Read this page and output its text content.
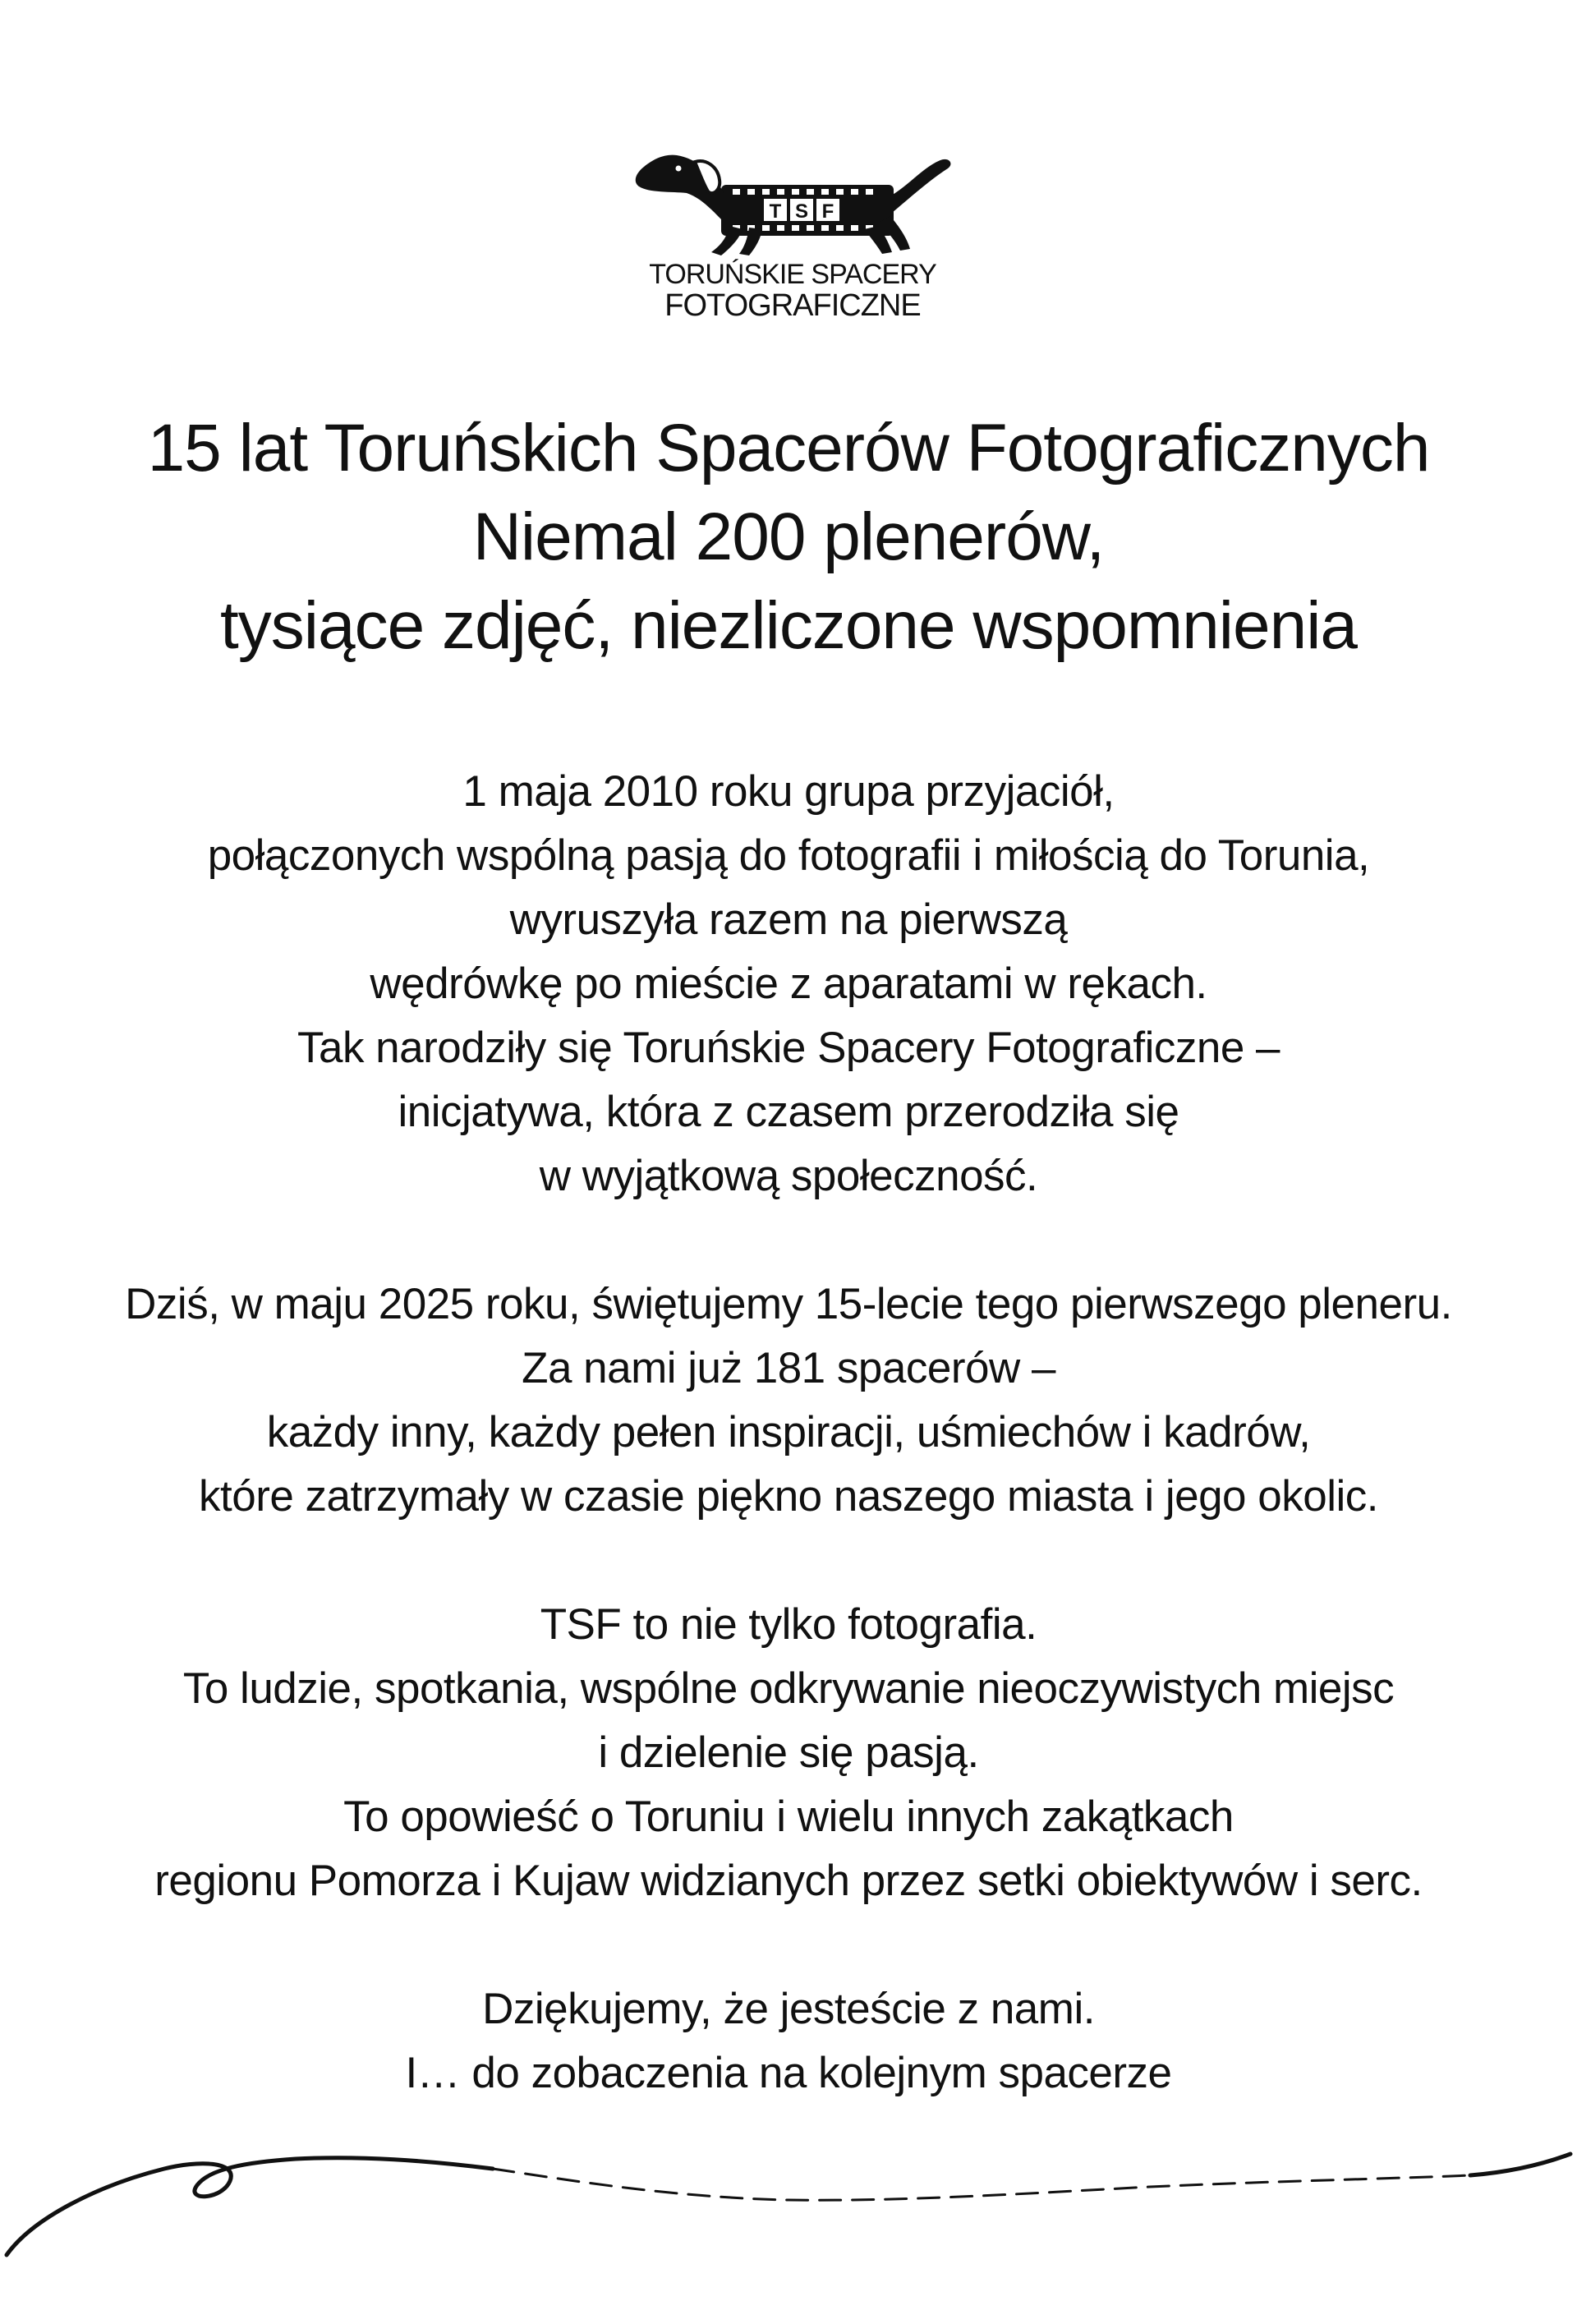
T S F
TORUŃSKIE SPACERY
FOTOGRAFICZNE
15 lat Toruńskich Spacerów Fotograficznych
Niemal 200 plenerów,
tysiące zdjęć, niezliczone wspomnienia
1 maja 2010 roku grupa przyjaciół,
połączonych wspólną pasją do fotografii i miłością do Torunia,
wyruszyła razem na pierwszą
wędrówkę po mieście z aparatami w rękach.
Tak narodziły się Toruńskie Spacery Fotograficzne –
inicjatywa, która z czasem przerodziła się
w wyjątkową społeczność.
Dziś, w maju 2025 roku, świętujemy 15-lecie tego pierwszego pleneru.
Za nami już 181 spacerów –
każdy inny, każdy pełen inspiracji, uśmiechów i kadrów,
które zatrzymały w czasie piękno naszego miasta i jego okolic.
TSF to nie tylko fotografia.
To ludzie, spotkania, wspólne odkrywanie nieoczywistych miejsc
i dzielenie się pasją.
To opowieść o Toruniu i wielu innych zakątkach
regionu Pomorza i Kujaw widzianych przez setki obiektywów i serc.
Dziękujemy, że jesteście z nami.
I… do zobaczenia na kolejnym spacerze
